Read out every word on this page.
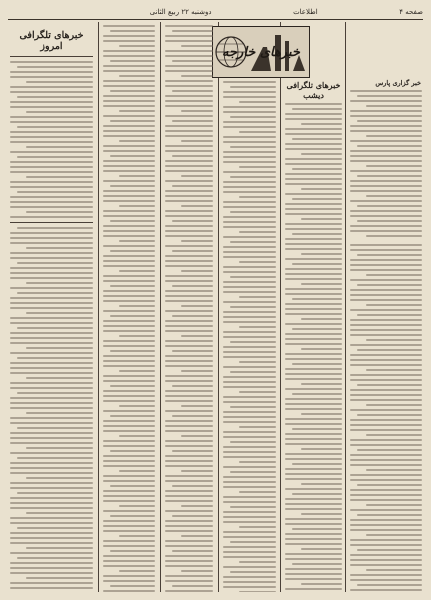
صفحه ۴
اطلاعات
دوشنبه ۲۲ ربیع الثانی
خبرهای خارجه
خبر گزاری پارس
خبرهای تلگرافی دیشب
خبرهای تلگرافی امروز
